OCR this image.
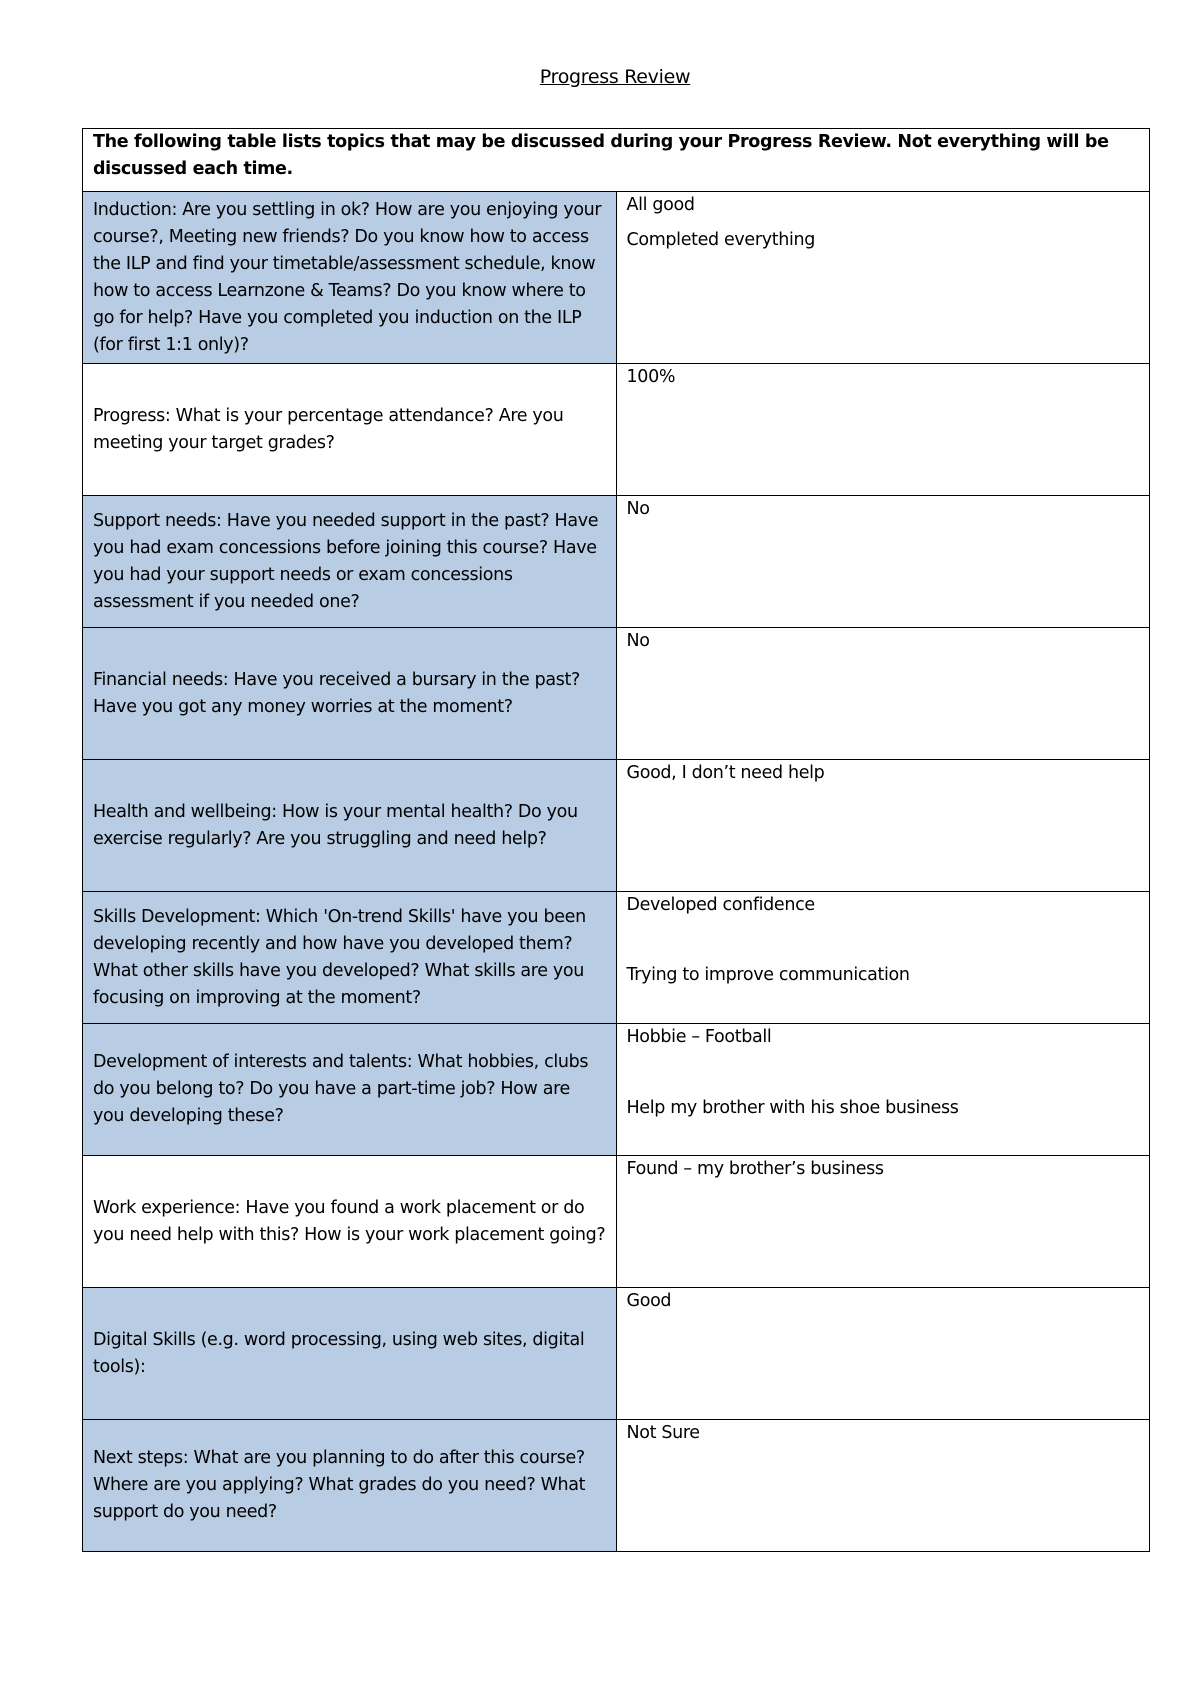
Progress Review
The following table lists topics that may be discussed during your Progress Review. Not everything will be discussed each time.	
Induction: Are you settling in ok? How are you enjoying your course?, Meeting new friends? Do you know how to access the ILP and find your timetable/assessment schedule, know how to access Learnzone & Teams? Do you know where to go for help? Have you completed you induction on the ILP (for first 1:1 only)?	All good
Completed everything

Progress: What is your percentage attendance? Are you meeting your target grades?	100%

Support needs: Have you needed support in the past? Have you had exam concessions before joining this course? Have you had your support needs or exam concessions assessment if you needed one?	No

Financial needs: Have you received a bursary in the past? Have you got any money worries at the moment?	No

Health and wellbeing: How is your mental health? Do you exercise regularly? Are you struggling and need help?	Good, I don’t need help

Skills Development: Which 'On-trend Skills' have you been developing recently and how have you developed them? What other skills have you developed? What skills are you focusing on improving at the moment?	Developed confidence
Trying to improve communication

Development of interests and talents: What hobbies, clubs do you belong to? Do you have a part-time job? How are you developing these?	Hobbie – Football
Help my brother with his shoe business

Work experience: Have you found a work placement or do you need help with this? How is your work placement going?	Found – my brother’s business

Digital Skills (e.g. word processing, using web sites, digital tools):	Good

Next steps: What are you planning to do after this course? Where are you applying? What grades do you need? What support do you need?	Not Sure
